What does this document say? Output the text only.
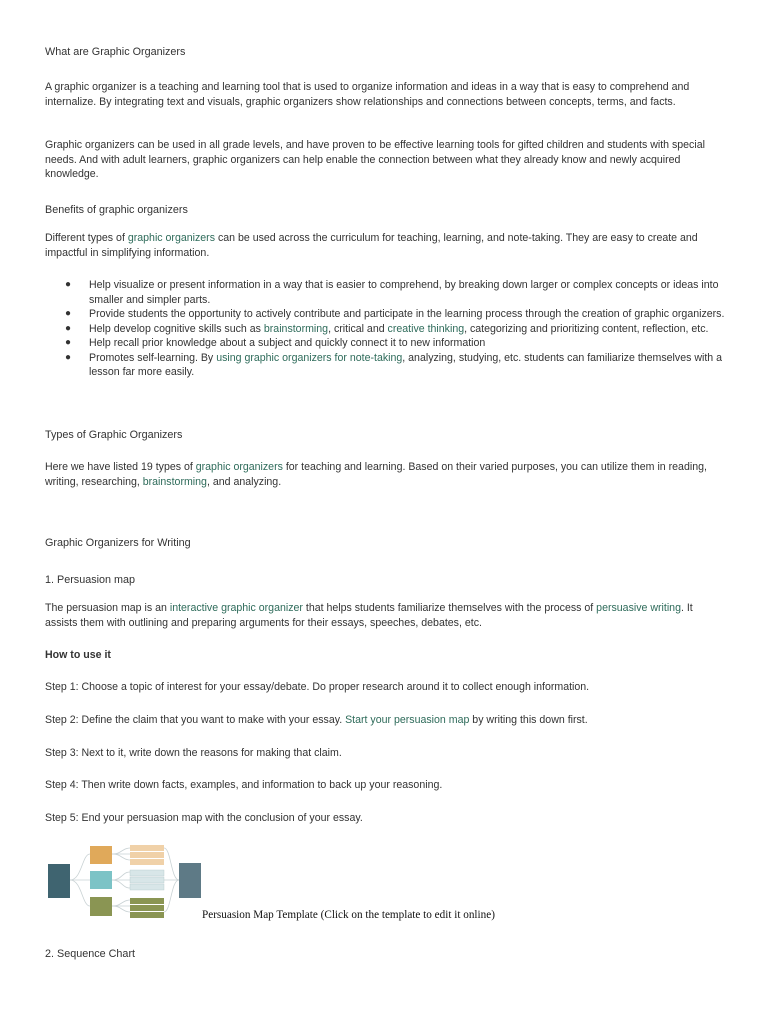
What are Graphic Organizers

A graphic organizer is a teaching and learning tool that is used to organize information and ideas in a way that is easy to comprehend and internalize. By integrating text and visuals, graphic organizers show relationships and connections between concepts, terms, and facts.

Graphic organizers can be used in all grade levels, and have proven to be effective learning tools for gifted children and students with special needs. And with adult learners, graphic organizers can help enable the connection between what they already know and newly acquired knowledge.

Benefits of graphic organizers

Different types of graphic organizers can be used across the curriculum for teaching, learning, and note-taking. They are easy to create and impactful in simplifying information.

● Help visualize or present information in a way that is easier to comprehend, by breaking down larger or complex concepts or ideas into smaller and simpler parts.
● Provide students the opportunity to actively contribute and participate in the learning process through the creation of graphic organizers.
● Help develop cognitive skills such as brainstorming, critical and creative thinking, categorizing and prioritizing content, reflection, etc.
● Help recall prior knowledge about a subject and quickly connect it to new information
● Promotes self-learning. By using graphic organizers for note-taking, analyzing, studying, etc. students can familiarize themselves with a lesson far more easily.
Types of Graphic Organizers

Here we have listed 19 types of graphic organizers for teaching and learning. Based on their varied purposes, you can utilize them in reading, writing, researching, brainstorming, and analyzing.

Graphic Organizers for Writing
1. Persuasion map

The persuasion map is an interactive graphic organizer that helps students familiarize themselves with the process of persuasive writing. It assists them with outlining and preparing arguments for their essays, speeches, debates, etc.

How to use it
Step 1: Choose a topic of interest for your essay/debate. Do proper research around it to collect enough information.
Step 2: Define the claim that you want to make with your essay. Start your persuasion map by writing this down first.
Step 3: Next to it, write down the reasons for making that claim.
Step 4: Then write down facts, examples, and information to back up your reasoning.
Step 5: End your persuasion map with the conclusion of your essay.
Persuasion Map Template (Click on the template to edit it online)
2. Sequence Chart
